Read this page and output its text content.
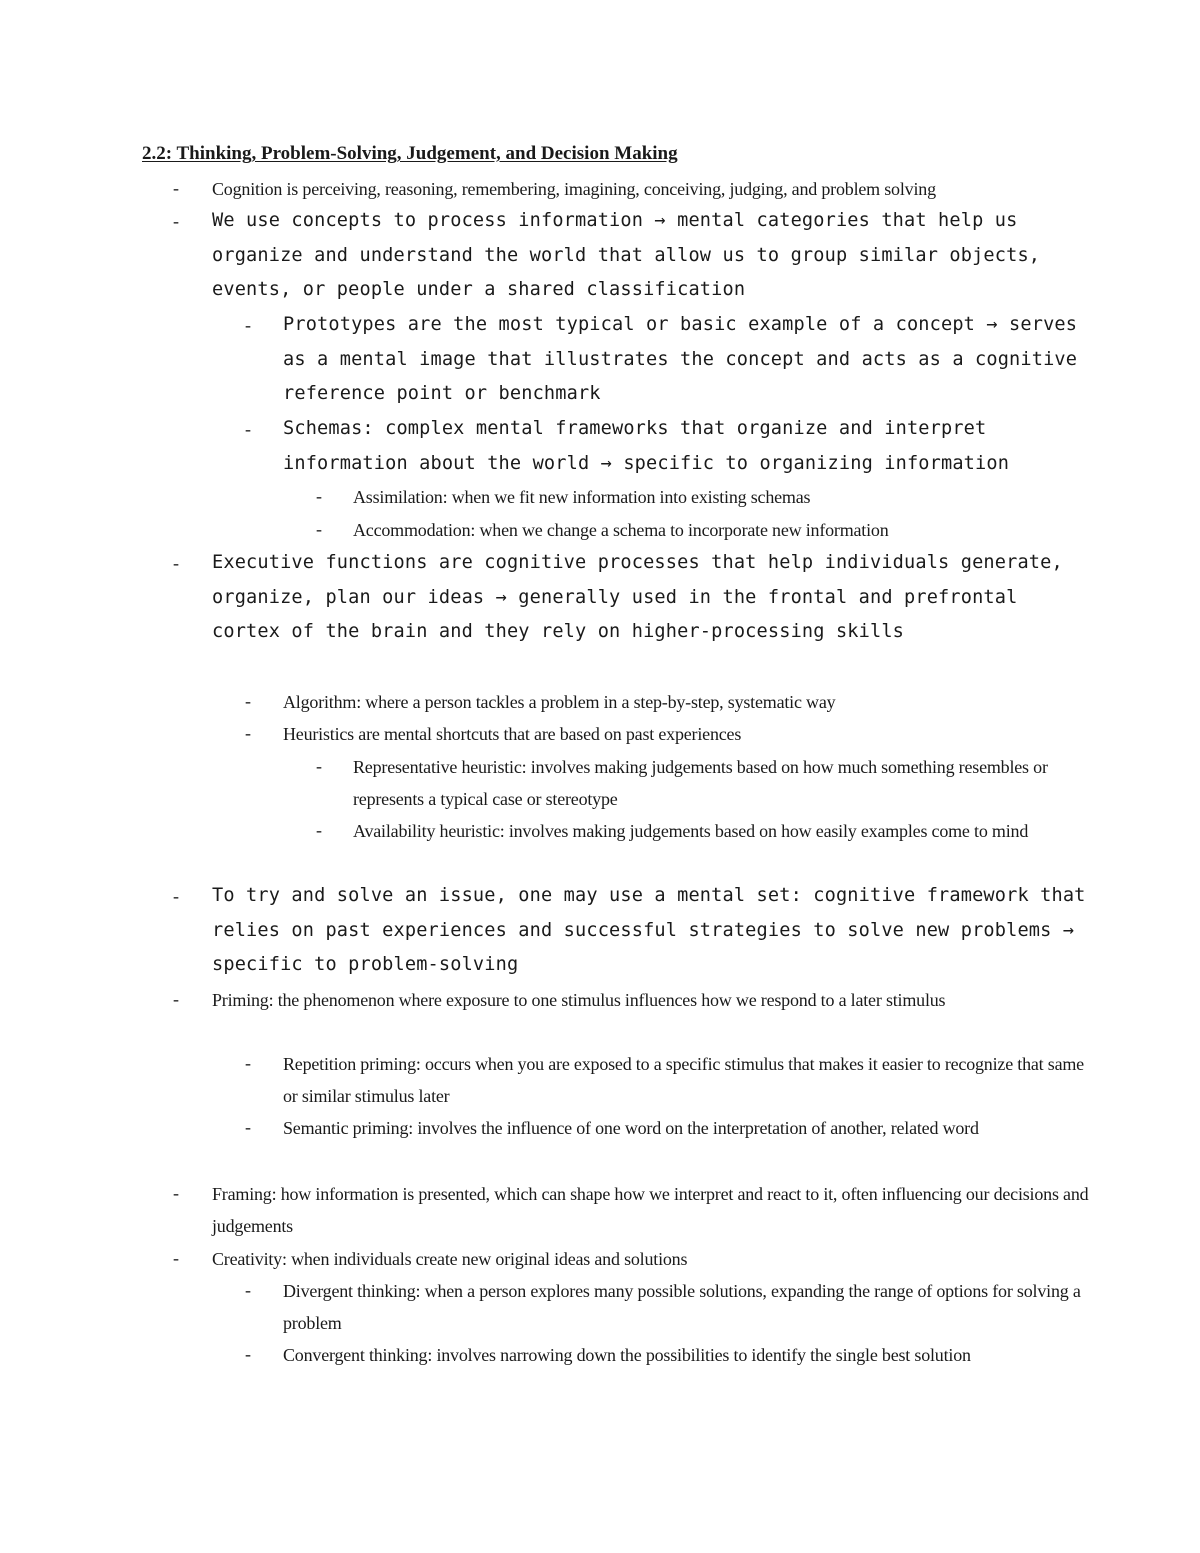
2.2: Thinking, Problem-Solving, Judgement, and Decision Making
- Cognition is perceiving, reasoning, remembering, imagining, conceiving, judging, and problem solving
- We use concepts to process information → mental categories that help us organize and understand the world that allow us to group similar objects, events, or people under a shared classification
- Prototypes are the most typical or basic example of a concept → serves as a mental image that illustrates the concept and acts as a cognitive reference point or benchmark
- Schemas: complex mental frameworks that organize and interpret information about the world → specific to organizing information
- Assimilation: when we fit new information into existing schemas
- Accommodation: when we change a schema to incorporate new information
- Executive functions are cognitive processes that help individuals generate, organize, plan our ideas → generally used in the frontal and prefrontal cortex of the brain and they rely on higher-processing skills
- Algorithm: where a person tackles a problem in a step-by-step, systematic way
- Heuristics are mental shortcuts that are based on past experiences
- Representative heuristic: involves making judgements based on how much something resembles or represents a typical case or stereotype
- Availability heuristic: involves making judgements based on how easily examples come to mind
- To try and solve an issue, one may use a mental set: cognitive framework that relies on past experiences and successful strategies to solve new problems → specific to problem-solving
- Priming: the phenomenon where exposure to one stimulus influences how we respond to a later stimulus
- Repetition priming: occurs when you are exposed to a specific stimulus that makes it easier to recognize that same or similar stimulus later
- Semantic priming: involves the influence of one word on the interpretation of another, related word
- Framing: how information is presented, which can shape how we interpret and react to it, often influencing our decisions and judgements
- Creativity: when individuals create new original ideas and solutions
- Divergent thinking: when a person explores many possible solutions, expanding the range of options for solving a problem
- Convergent thinking: involves narrowing down the possibilities to identify the single best solution
